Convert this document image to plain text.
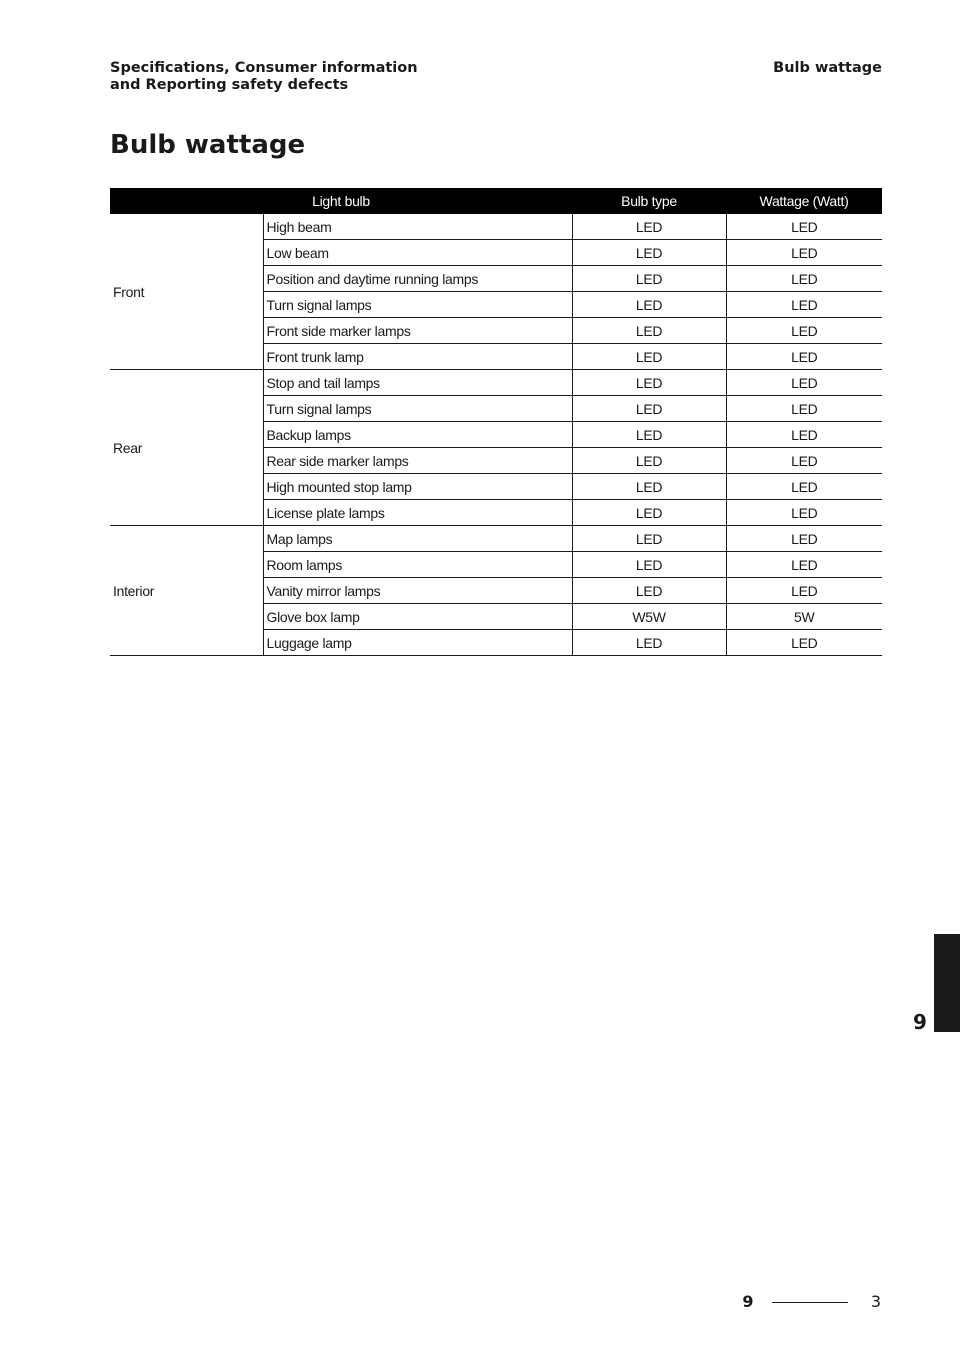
Specifications, Consumer information
and Reporting safety defects
Bulb wattage
Bulb wattage
Light bulb		Bulb type	Wattage (Watt)
Front	High beam	LED	LED
	Low beam	LED	LED
	Position and daytime running lamps	LED	LED
	Turn signal lamps	LED	LED
	Front side marker lamps	LED	LED
	Front trunk lamp	LED	LED
Rear	Stop and tail lamps	LED	LED
	Turn signal lamps	LED	LED
	Backup lamps	LED	LED
	Rear side marker lamps	LED	LED
	High mounted stop lamp	LED	LED
	License plate lamps	LED	LED
Interior	Map lamps	LED	LED
	Room lamps	LED	LED
	Vanity mirror lamps	LED	LED
	Glove box lamp	W5W	5W
	Luggage lamp	LED	LED
9
9	3
